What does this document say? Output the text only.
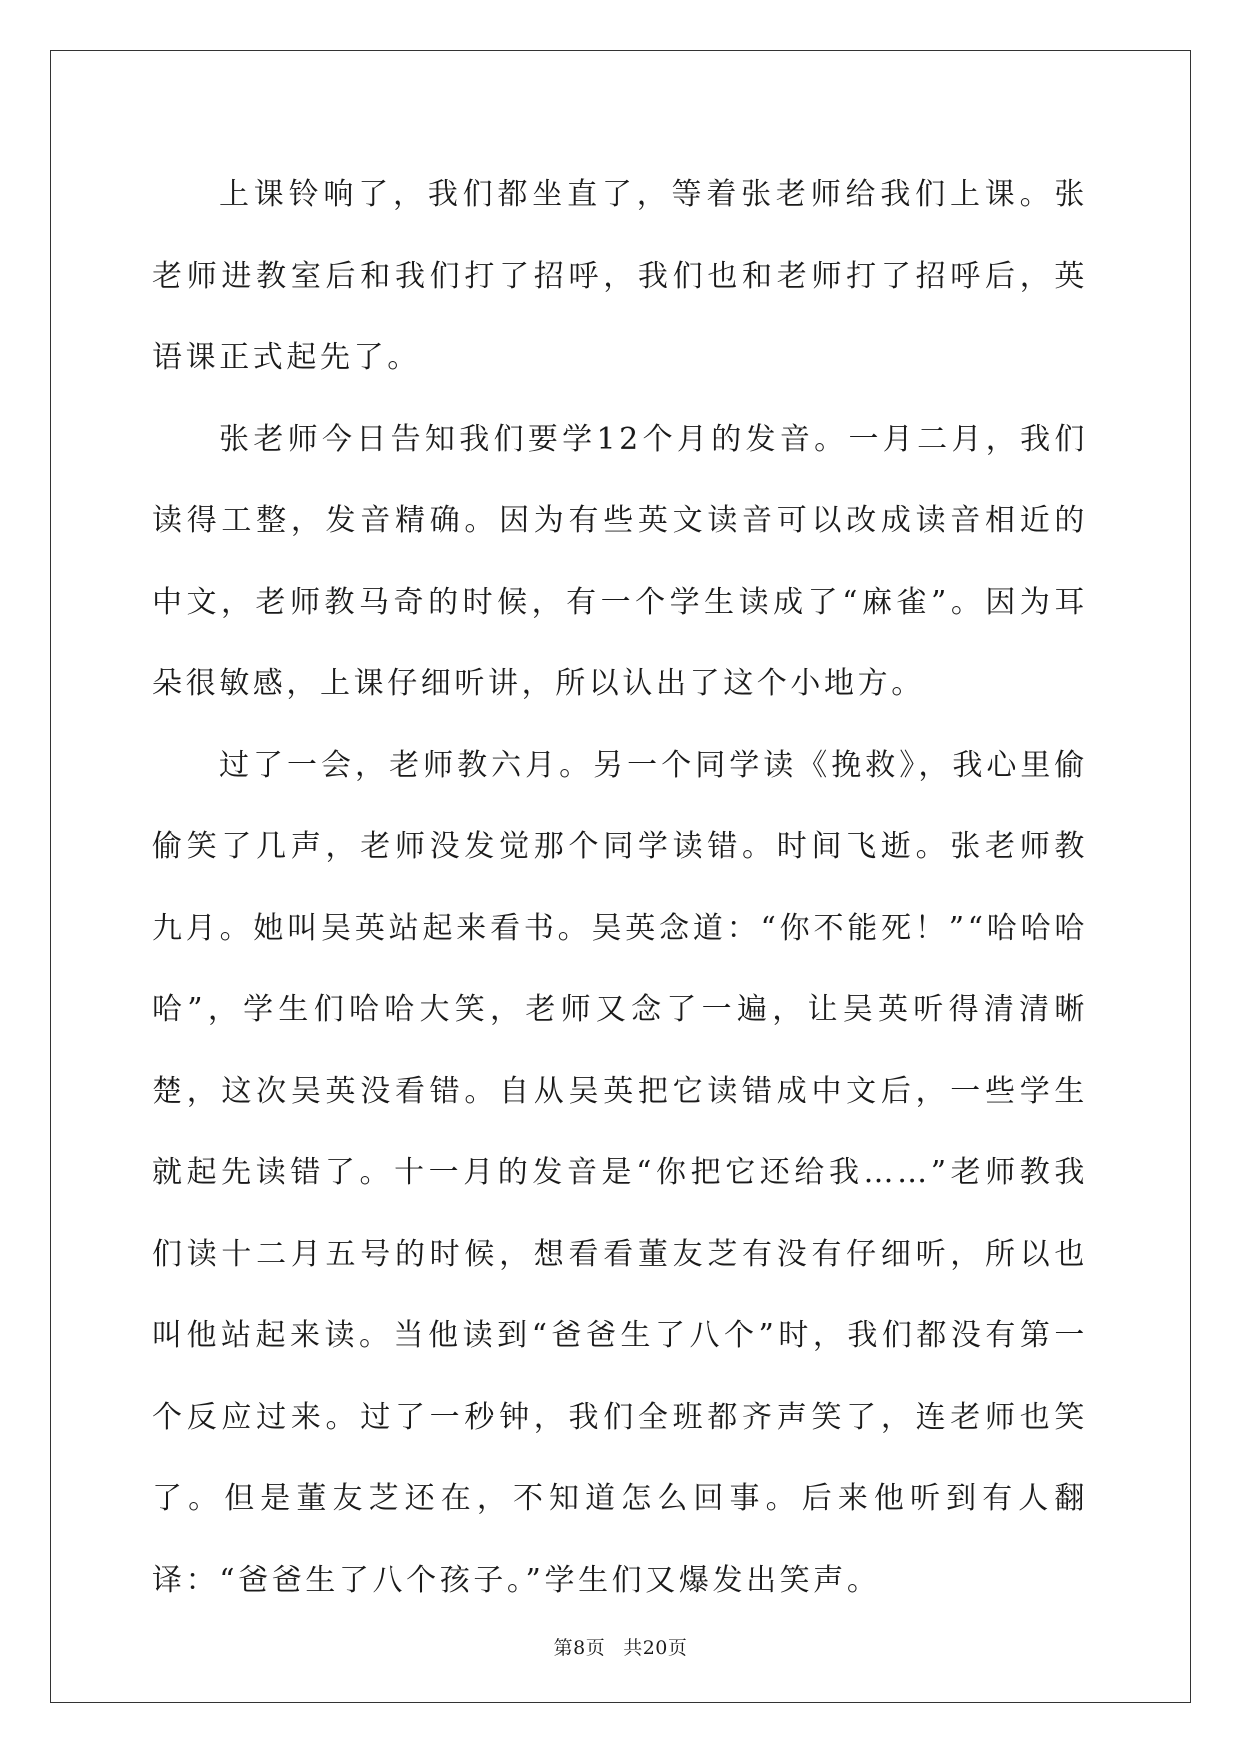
上课铃响了，我们都坐直了，等着张老师给我们上课。张老师进教室后和我们打了招呼，我们也和老师打了招呼后，英语课正式起先了。

张老师今日告知我们要学12个月的发音。一月二月，我们读得工整，发音精确。因为有些英文读音可以改成读音相近的中文，老师教马奇的时候，有一个学生读成了“麻雀”。因为耳朵很敏感，上课仔细听讲，所以认出了这个小地方。

过了一会，老师教六月。另一个同学读《挽救》，我心里偷偷笑了几声，老师没发觉那个同学读错。时间飞逝。张老师教九月。她叫吴英站起来看书。吴英念道：“你不能死！”“哈哈哈哈”，学生们哈哈大笑，老师又念了一遍，让吴英听得清清晰楚，这次吴英没看错。自从吴英把它读错成中文后，一些学生就起先读错了。十一月的发音是“你把它还给我……”老师教我们读十二月五号的时候，想看看董友芝有没有仔细听，所以也叫他站起来读。当他读到“爸爸生了八个”时，我们都没有第一个反应过来。过了一秒钟，我们全班都齐声笑了，连老师也笑了。但是董友芝还在，不知道怎么回事。后来他听到有人翻译：“爸爸生了八个孩子。”学生们又爆发出笑声。

第8页 共20页
